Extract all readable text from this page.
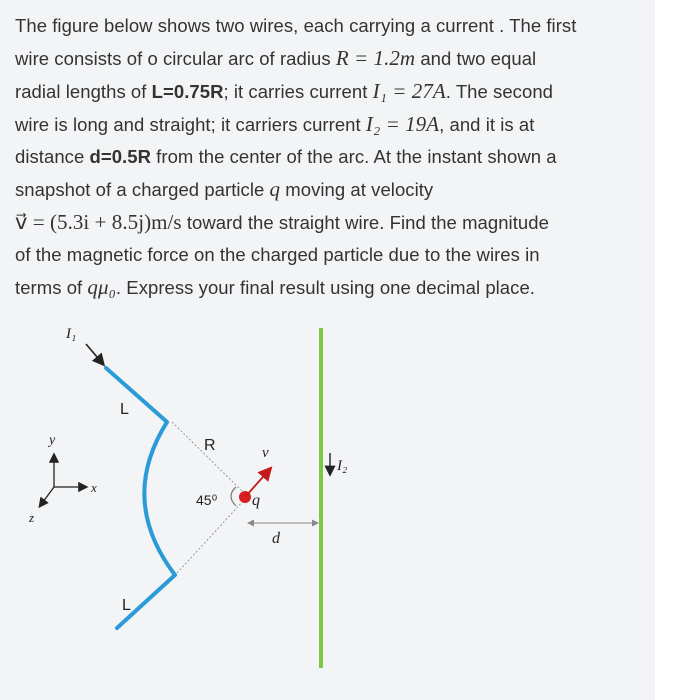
The figure below shows two wires, each carrying a current . The first
wire consists of o circular arc of radius R = 1.2m and two equal
radial lengths of L=0.75R; it carries current I₁ = 27A. The second
wire is long and straight; it carriers current I₂ = 19A, and it is at
distance d=0.5R from the center of the arc. At the instant shown a
snapshot of a charged particle q moving at velocity
v⃗ = (5.3i + 8.5j)m/s toward the straight wire. Find the magnitude
of the magnetic force on the charged particle due to the wires in
terms of qμ₀. Express your final result using one decimal place.
I₁
L
L
R
45⁰
v
q
d
I₂
y
x
z
